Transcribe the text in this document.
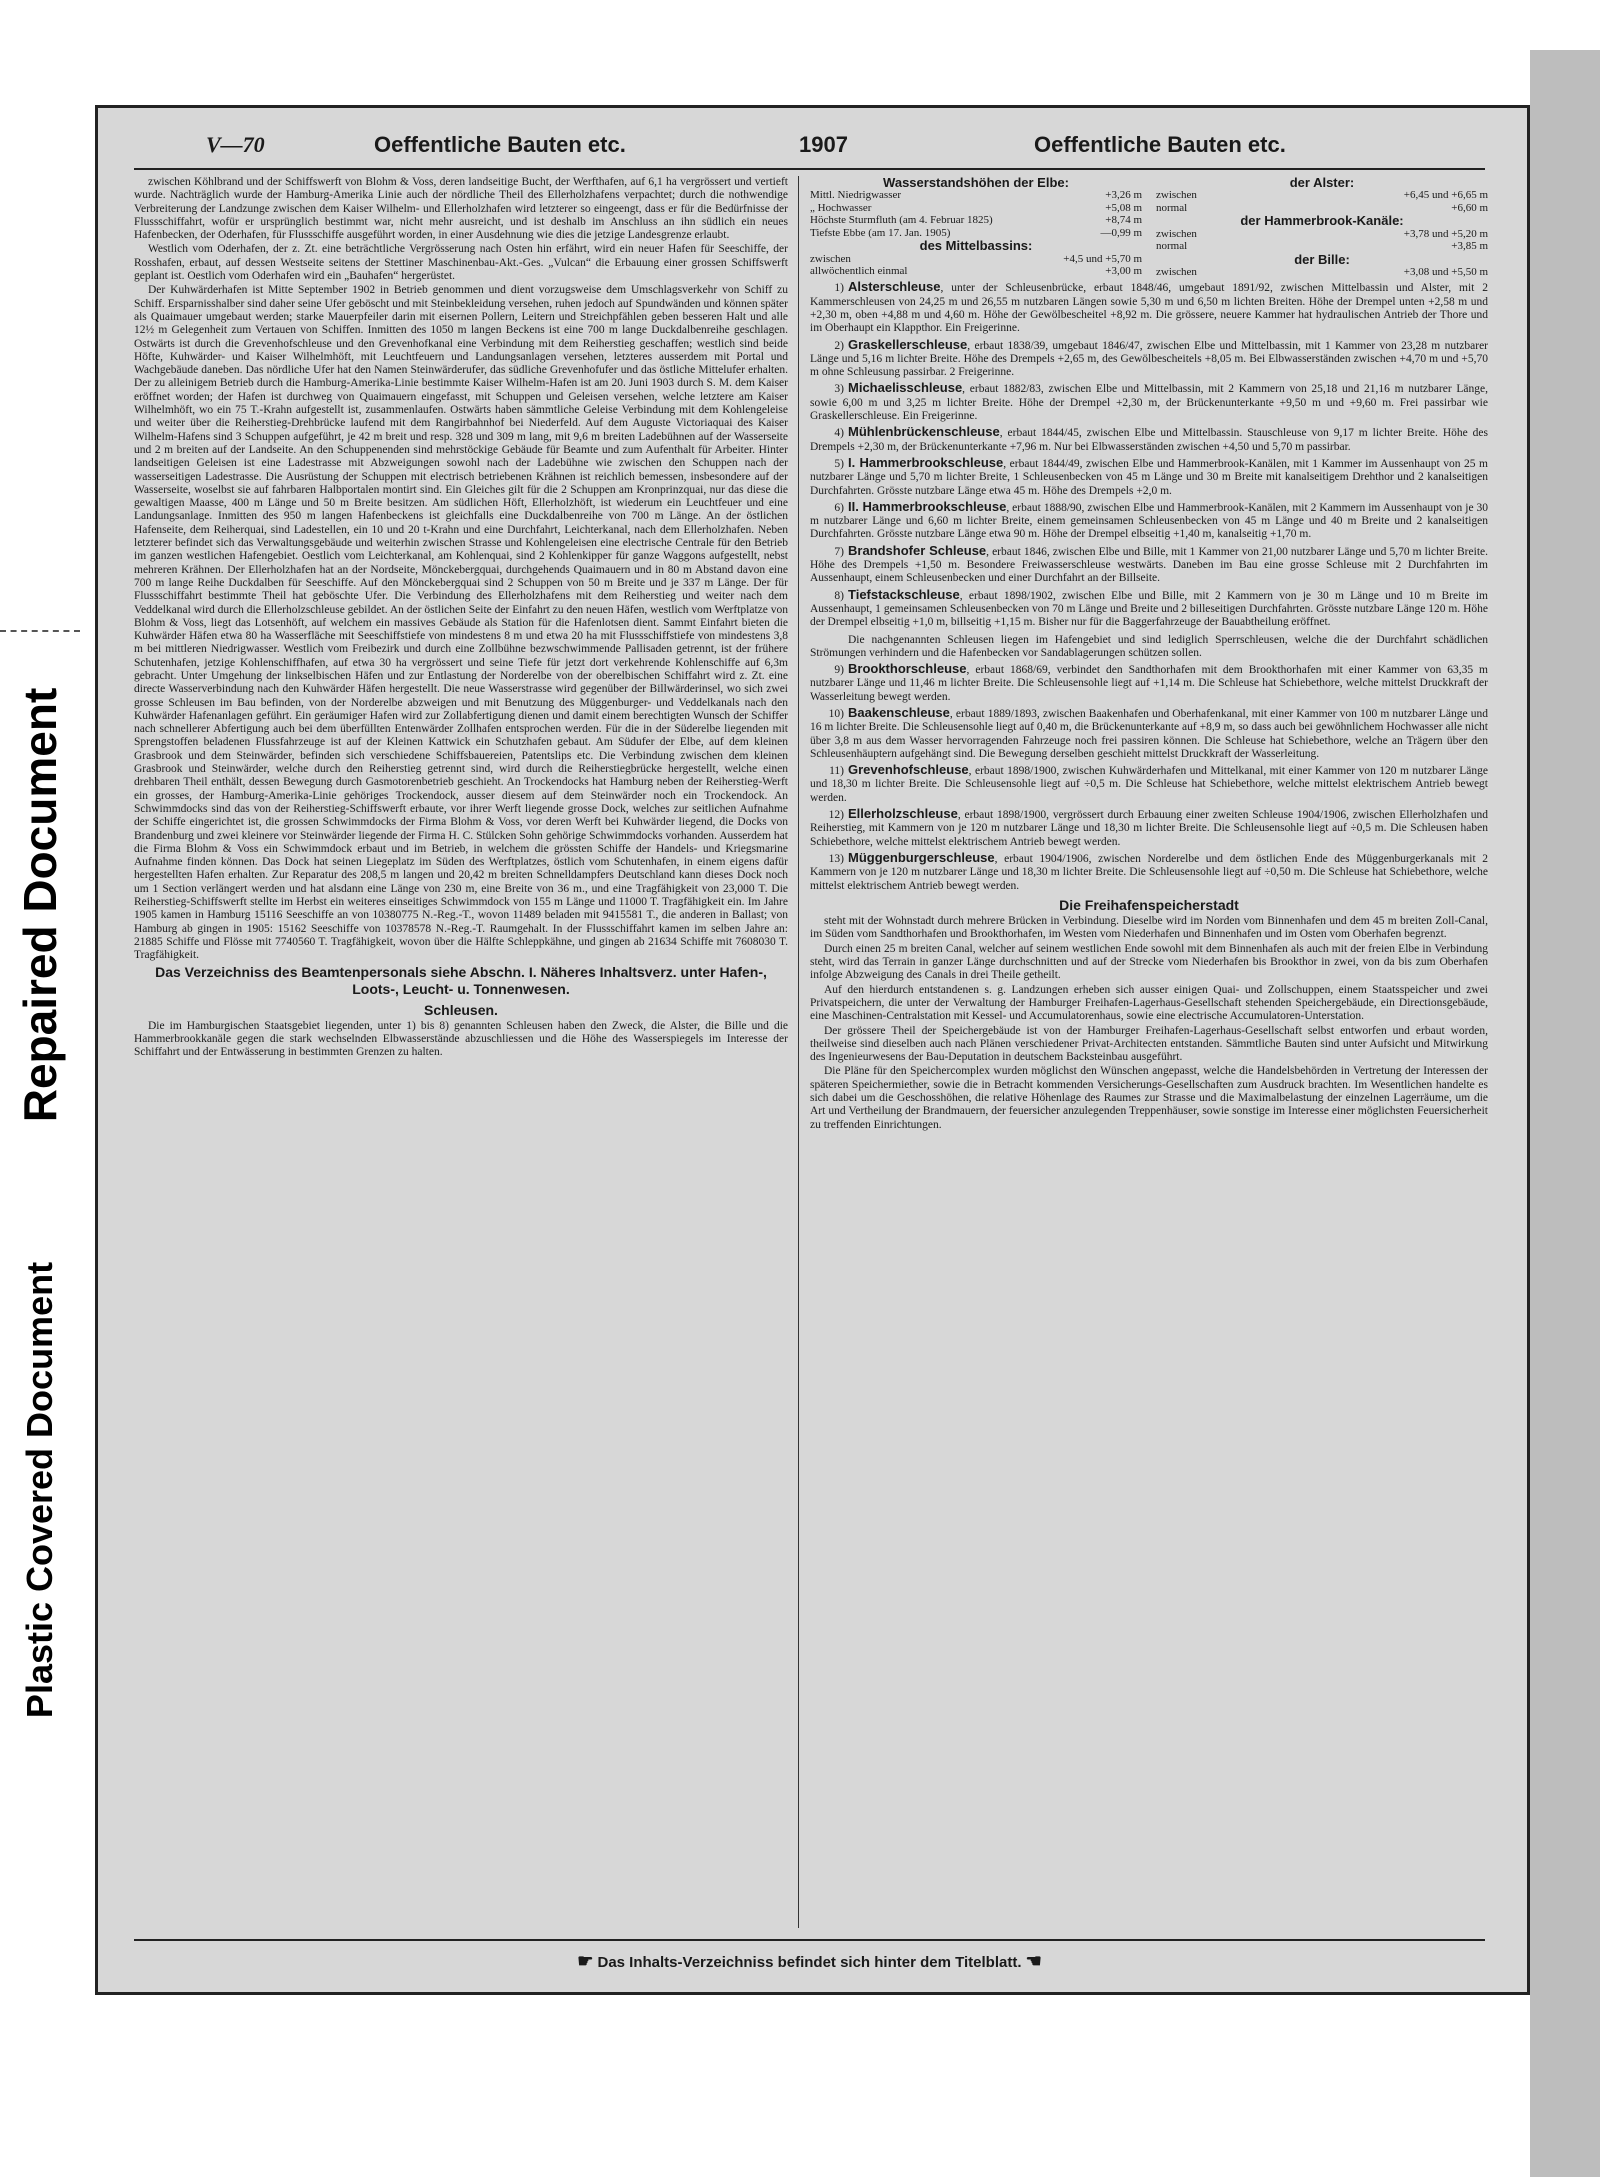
Repaired Document
Plastic Covered Document
V—70	Oeffentliche Bauten etc.	1907	Oeffentliche Bauten etc.

zwischen Köhlbrand und der Schiffswerft von Blohm & Voss, deren landseitige Bucht, der Werfthafen, auf 6,1 ha vergrössert und vertieft wurde. Nachträglich wurde der Hamburg-Amerika Linie auch der nördliche Theil des Ellerholzhafens verpachtet; durch die nothwendige Verbreiterung der Landzunge zwischen dem Kaiser Wilhelm- und Ellerholzhafen wird letzterer so eingeengt, dass er für die Bedürfnisse der Flussschiffahrt, wofür er ursprünglich bestimmt war, nicht mehr ausreicht, und ist deshalb im Anschluss an ihn südlich ein neues Hafenbecken, der Oderhafen, für Flussschiffe ausgeführt worden, in einer Ausdehnung wie dies die jetzige Landesgrenze erlaubt.

Westlich vom Oderhafen, der z. Zt. eine beträchtliche Vergrösserung nach Osten hin erfährt, wird ein neuer Hafen für Seeschiffe, der Rosshafen, erbaut, auf dessen Westseite seitens der Stettiner Maschinenbau-Akt.-Ges. „Vulcan“ die Erbauung einer grossen Schiffswerft geplant ist. Oestlich vom Oderhafen wird ein „Bauhafen“ hergerüstet.

Der Kuhwärderhafen ist Mitte September 1902 in Betrieb genommen und dient vorzugsweise dem Umschlagsverkehr von Schiff zu Schiff. Ersparnisshalber sind daher seine Ufer geböscht und mit Steinbekleidung versehen, ruhen jedoch auf Spundwänden und können später als Quaimauer umgebaut werden; starke Mauerpfeiler darin mit eisernen Pollern, Leitern und Streichpfählen geben besseren Halt und alle 12½ m Gelegenheit zum Vertauen von Schiffen. Inmitten des 1050 m langen Beckens ist eine 700 m lange Duckdalbenreihe geschlagen. Ostwärts ist durch die Grevenhofschleuse und den Grevenhofkanal eine Verbindung mit dem Reiherstieg geschaffen; westlich sind beide Höfte, Kuhwärder- und Kaiser Wilhelmhöft, mit Leuchtfeuern und Landungsanlagen versehen, letzteres ausserdem mit Portal und Wachgebäude daneben. Das nördliche Ufer hat den Namen Steinwärderufer, das südliche Grevenhofufer und das östliche Mittelufer erhalten. Der zu alleinigem Betrieb durch die Hamburg-Amerika-Linie bestimmte Kaiser Wilhelm-Hafen ist am 20. Juni 1903 durch S. M. dem Kaiser eröffnet worden; der Hafen ist durchweg von Quaimauern eingefasst, mit Schuppen und Geleisen versehen, welche letztere am Kaiser Wilhelmhöft, wo ein 75 T.-Krahn aufgestellt ist, zusammenlaufen. Ostwärts haben sämmtliche Geleise Verbindung mit dem Kohlengeleise und weiter über die Reiherstieg-Drehbrücke laufend mit dem Rangirbahnhof bei Niederfeld. Auf dem Auguste Victoriaquai des Kaiser Wilhelm-Hafens sind 3 Schuppen aufgeführt, je 42 m breit und resp. 328 und 309 m lang, mit 9,6 m breiten Ladebühnen auf der Wasserseite und 2 m breiten auf der Landseite. An den Schuppenenden sind mehrstöckige Gebäude für Beamte und zum Aufenthalt für Arbeiter. Hinter landseitigen Geleisen ist eine Ladestrasse mit Abzweigungen sowohl nach der Ladebühne wie zwischen den Schuppen nach der wasserseitigen Ladestrasse. Die Ausrüstung der Schuppen mit electrisch betriebenen Krähnen ist reichlich bemessen, insbesondere auf der Wasserseite, woselbst sie auf fahrbaren Halbportalen montirt sind. Ein Gleiches gilt für die 2 Schuppen am Kronprinzquai, nur das diese die gewaltigen Maasse, 400 m Länge und 50 m Breite besitzen. Am südlichen Höft, Ellerholzhöft, ist wiederum ein Leuchtfeuer und eine Landungsanlage. Inmitten des 950 m langen Hafenbeckens ist gleichfalls eine Duckdalbenreihe von 700 m Länge. An der östlichen Hafenseite, dem Reiherquai, sind Ladestellen, ein 10 und 20 t-Krahn und eine Durchfahrt, Leichterkanal, nach dem Ellerholzhafen. Neben letzterer befindet sich das Verwaltungsgebäude und weiterhin zwischen Strasse und Kohlengeleisen eine electrische Centrale für den Betrieb im ganzen westlichen Hafengebiet. Oestlich vom Leichterkanal, am Kohlenquai, sind 2 Kohlenkipper für ganze Waggons aufgestellt, nebst mehreren Krähnen. Der Ellerholzhafen hat an der Nordseite, Mönckebergquai, durchgehends Quaimauern und in 80 m Abstand davon eine 700 m lange Reihe Duckdalben für Seeschiffe. Auf den Mönckebergquai sind 2 Schuppen von 50 m Breite und je 337 m Länge. Der für Flussschiffahrt bestimmte Theil hat geböschte Ufer. Die Verbindung des Ellerholzhafens mit dem Reiherstieg und weiter nach dem Veddelkanal wird durch die Ellerholzschleuse gebildet. An der östlichen Seite der Einfahrt zu den neuen Häfen, westlich vom Werftplatze von Blohm & Voss, liegt das Lotsenhöft, auf welchem ein massives Gebäude als Station für die Hafenlotsen dient. Sammt Einfahrt bieten die Kuhwärder Häfen etwa 80 ha Wasserfläche mit Seeschiffstiefe von mindestens 8 m und etwa 20 ha mit Flussschiffstiefe von mindestens 3,8 m bei mittleren Niedrigwasser. Westlich vom Freibezirk und durch eine Zollbühne bezwschwimmende Pallisaden getrennt, ist der frühere Schutenhafen, jetzige Kohlenschiffhafen, auf etwa 30 ha vergrössert und seine Tiefe für jetzt dort verkehrende Kohlenschiffe auf 6,3m gebracht. Unter Umgehung der linkselbischen Häfen und zur Entlastung der Norderelbe von der oberelbischen Schiffahrt wird z. Zt. eine directe Wasserverbindung nach den Kuhwärder Häfen hergestellt. Die neue Wasserstrasse wird gegenüber der Billwärderinsel, wo sich zwei grosse Schleusen im Bau befinden, von der Norderelbe abzweigen und mit Benutzung des Müggenburger- und Veddelkanals nach den Kuhwärder Hafenanlagen geführt. Ein geräumiger Hafen wird zur Zollabfertigung dienen und damit einem berechtigten Wunsch der Schiffer nach schnellerer Abfertigung auch bei dem überfüllten Entenwärder Zollhafen entsprochen werden. Für die in der Süderelbe liegenden mit Sprengstoffen beladenen Flussfahrzeuge ist auf der Kleinen Kattwick ein Schutzhafen gebaut. Am Südufer der Elbe, auf dem kleinen Grasbrook und dem Steinwärder, befinden sich verschiedene Schiffsbauereien, Patentslips etc. Die Verbindung zwischen dem kleinen Grasbrook und Steinwärder, welche durch den Reiherstieg getrennt sind, wird durch die Reiherstiegbrücke hergestellt, welche einen drehbaren Theil enthält, dessen Bewegung durch Gasmotorenbetrieb geschieht. An Trockendocks hat Hamburg neben der Reiherstieg-Werft ein grosses, der Hamburg-Amerika-Linie gehöriges Trockendock, ausser diesem auf dem Steinwärder noch ein Trockendock. An Schwimmdocks sind das von der Reiherstieg-Schiffswerft erbaute, vor ihrer Werft liegende grosse Dock, welches zur seitlichen Aufnahme der Schiffe eingerichtet ist, die grossen Schwimmdocks der Firma Blohm & Voss, vor deren Werft bei Kuhwärder liegend, die Docks von Brandenburg und zwei kleinere vor Steinwärder liegende der Firma H. C. Stülcken Sohn gehörige Schwimmdocks vorhanden. Ausserdem hat die Firma Blohm & Voss ein Schwimmdock erbaut und im Betrieb, in welchem die grössten Schiffe der Handels- und Kriegsmarine Aufnahme finden können. Das Dock hat seinen Liegeplatz im Süden des Werftplatzes, östlich vom Schutenhafen, in einem eigens dafür hergestellten Hafen erhalten. Zur Reparatur des 208,5 m langen und 20,42 m breiten Schnelldampfers Deutschland kann dieses Dock noch um 1 Section verlängert werden und hat alsdann eine Länge von 230 m, eine Breite von 36 m., und eine Tragfähigkeit von 23,000 T. Die Reiherstieg-Schiffswerft stellte im Herbst ein weiteres einseitiges Schwimmdock von 155 m Länge und 11000 T. Tragfähigkeit ein. Im Jahre 1905 kamen in Hamburg 15116 Seeschiffe an von 10380775 N.-Reg.-T., wovon 11489 beladen mit 9415581 T., die anderen in Ballast; von Hamburg ab gingen in 1905: 15162 Seeschiffe von 10378578 N.-Reg.-T. Raumgehalt. In der Flussschiffahrt kamen im selben Jahre an: 21885 Schiffe und Flösse mit 7740560 T. Tragfähigkeit, wovon über die Hälfte Schleppkähne, und gingen ab 21634 Schiffe mit 7608030 T. Tragfähigkeit.

Das Verzeichniss des Beamtenpersonals siehe Abschn. I. Näheres Inhaltsverz. unter Hafen-, Loots-, Leucht- u. Tonnenwesen.

Schleusen.

Die im Hamburgischen Staatsgebiet liegenden, unter 1) bis 8) genannten Schleusen haben den Zweck, die Alster, die Bille und die Hammerbrookkanäle gegen die stark wechselnden Elbwasserstände abzuschliessen und die Höhe des Wasserspiegels im Interesse der Schiffahrt und der Entwässerung in bestimmten Grenzen zu halten.

Wasserstandshöhen der Elbe:
Mittl. Niedrigwasser	+3,26 m
„ Hochwasser	+5,08 m
Höchste Sturmfluth (am 4. Februar 1825)	+8,74 m
Tiefste Ebbe (am 17. Jan. 1905)	—0,99 m
des Mittelbassins:
zwischen	+4,5 und +5,70 m
allwöchentlich einmal	+3,00 m
der Alster:
zwischen	+6,45 und +6,65 m
normal	+6,60 m
der Hammerbrook-Kanäle:
zwischen	+3,78 und +5,20 m
normal	+3,85 m
der Bille:
zwischen	+3,08 und +5,50 m
1) Alsterschleuse, unter der Schleusenbrücke, erbaut 1848/46, umgebaut 1891/92, zwischen Mittelbassin und Alster, mit 2 Kammerschleusen von 24,25 m und 26,55 m nutzbaren Längen sowie 5,30 m und 6,50 m lichten Breiten. Höhe der Drempel unten +2,58 m und +2,30 m, oben +4,88 m und 4,60 m. Höhe der Gewölbescheitel +8,92 m. Die grössere, neuere Kammer hat hydraulischen Antrieb der Thore und im Oberhaupt ein Klappthor. Ein Freigerinne.
2) Graskellerschleuse, erbaut 1838/39, umgebaut 1846/47, zwischen Elbe und Mittelbassin, mit 1 Kammer von 23,28 m nutzbarer Länge und 5,16 m lichter Breite. Höhe des Drempels +2,65 m, des Gewölbescheitels +8,05 m. Bei Elbwasserständen zwischen +4,70 m und +5,70 m ohne Schleusung passirbar. 2 Freigerinne.
3) Michaelisschleuse, erbaut 1882/83, zwischen Elbe und Mittelbassin, mit 2 Kammern von 25,18 und 21,16 m nutzbarer Länge, sowie 6,00 m und 3,25 m lichter Breite. Höhe der Drempel +2,30 m, der Brückenunterkante +9,50 m und +9,60 m. Frei passirbar wie Graskellerschleuse. Ein Freigerinne.
4) Mühlenbrückenschleuse, erbaut 1844/45, zwischen Elbe und Mittelbassin. Stauschleuse von 9,17 m lichter Breite. Höhe des Drempels +2,30 m, der Brückenunterkante +7,96 m. Nur bei Elbwasserständen zwischen +4,50 und 5,70 m passirbar.
5) I. Hammerbrookschleuse, erbaut 1844/49, zwischen Elbe und Hammerbrook-Kanälen, mit 1 Kammer im Aussenhaupt von 25 m nutzbarer Länge und 5,70 m lichter Breite, 1 Schleusenbecken von 45 m Länge und 30 m Breite mit kanalseitigem Drehthor und 2 kanalseitigen Durchfahrten. Grösste nutzbare Länge etwa 45 m. Höhe des Drempels +2,0 m.
6) II. Hammerbrookschleuse, erbaut 1888/90, zwischen Elbe und Hammerbrook-Kanälen, mit 2 Kammern im Aussenhaupt von je 30 m nutzbarer Länge und 6,60 m lichter Breite, einem gemeinsamen Schleusenbecken von 45 m Länge und 40 m Breite und 2 kanalseitigen Durchfahrten. Grösste nutzbare Länge etwa 90 m. Höhe der Drempel elbseitig +1,40 m, kanalseitig +1,70 m.
7) Brandshofer Schleuse, erbaut 1846, zwischen Elbe und Bille, mit 1 Kammer von 21,00 nutzbarer Länge und 5,70 m lichter Breite. Höhe des Drempels +1,50 m. Besondere Freiwasserschleuse westwärts. Daneben im Bau eine grosse Schleuse mit 2 Durchfahrten im Aussenhaupt, einem Schleusenbecken und einer Durchfahrt an der Billseite.
8) Tiefstackschleuse, erbaut 1898/1902, zwischen Elbe und Bille, mit 2 Kammern von je 30 m Länge und 10 m Breite im Aussenhaupt, 1 gemeinsamen Schleusenbecken von 70 m Länge und Breite und 2 billeseitigen Durchfahrten. Grösste nutzbare Länge 120 m. Höhe der Drempel elbseitig +1,0 m, billseitig +1,15 m. Bisher nur für die Baggerfahrzeuge der Bauabtheilung eröffnet.
Die nachgenannten Schleusen liegen im Hafengebiet und sind lediglich Sperrschleusen, welche die der Durchfahrt schädlichen Strömungen verhindern und die Hafenbecken vor Sandablagerungen schützen sollen.
9) Brookthorschleuse, erbaut 1868/69, verbindet den Sandthorhafen mit dem Brookthorhafen mit einer Kammer von 63,35 m nutzbarer Länge und 11,46 m lichter Breite. Die Schleusensohle liegt auf +1,14 m. Die Schleuse hat Schiebethore, welche mittelst Druckkraft der Wasserleitung bewegt werden.
10) Baakenschleuse, erbaut 1889/1893, zwischen Baakenhafen und Oberhafenkanal, mit einer Kammer von 100 m nutzbarer Länge und 16 m lichter Breite. Die Schleusensohle liegt auf 0,40 m, die Brückenunterkante auf +8,9 m, so dass auch bei gewöhnlichem Hochwasser alle nicht über 3,8 m aus dem Wasser hervorragenden Fahrzeuge noch frei passiren können. Die Schleuse hat Schiebethore, welche an Trägern über den Schleusenhäuptern aufgehängt sind. Die Bewegung derselben geschieht mittelst Druckkraft der Wasserleitung.
11) Grevenhofschleuse, erbaut 1898/1900, zwischen Kuhwärderhafen und Mittelkanal, mit einer Kammer von 120 m nutzbarer Länge und 18,30 m lichter Breite. Die Schleusensohle liegt auf ÷0,5 m. Die Schleuse hat Schiebethore, welche mittelst elektrischem Antrieb bewegt werden.
12) Ellerholzschleuse, erbaut 1898/1900, vergrössert durch Erbauung einer zweiten Schleuse 1904/1906, zwischen Ellerholzhafen und Reiherstieg, mit Kammern von je 120 m nutzbarer Länge und 18,30 m lichter Breite. Die Schleusensohle liegt auf ÷0,5 m. Die Schleusen haben Schiebethore, welche mittelst elektrischem Antrieb bewegt werden.
13) Müggenburgerschleuse, erbaut 1904/1906, zwischen Norderelbe und dem östlichen Ende des Müggenburgerkanals mit 2 Kammern von je 120 m nutzbarer Länge und 18,30 m lichter Breite. Die Schleusensohle liegt auf ÷0,50 m. Die Schleuse hat Schiebethore, welche mittelst elektrischem Antrieb bewegt werden.
Die Freihafenspeicherstadt

steht mit der Wohnstadt durch mehrere Brücken in Verbindung. Dieselbe wird im Norden vom Binnenhafen und dem 45 m breiten Zoll-Canal, im Süden vom Sandthorhafen und Brookthorhafen, im Westen vom Niederhafen und Binnenhafen und im Osten vom Oberhafen begrenzt.

Durch einen 25 m breiten Canal, welcher auf seinem westlichen Ende sowohl mit dem Binnenhafen als auch mit der freien Elbe in Verbindung steht, wird das Terrain in ganzer Länge durchschnitten und auf der Strecke vom Niederhafen bis Brookthor in zwei, von da bis zum Oberhafen infolge Abzweigung des Canals in drei Theile getheilt.

Auf den hierdurch entstandenen s. g. Landzungen erheben sich ausser einigen Quai- und Zollschuppen, einem Staatsspeicher und zwei Privatspeichern, die unter der Verwaltung der Hamburger Freihafen-Lagerhaus-Gesellschaft stehenden Speichergebäude, ein Directionsgebäude, eine Maschinen-Centralstation mit Kessel- und Accumulatorenhaus, sowie eine electrische Accumulatoren-Unterstation.

Der grössere Theil der Speichergebäude ist von der Hamburger Freihafen-Lagerhaus-Gesellschaft selbst entworfen und erbaut worden, theilweise sind dieselben auch nach Plänen verschiedener Privat-Architecten entstanden. Sämmtliche Bauten sind unter Aufsicht und Mitwirkung des Ingenieurwesens der Bau-Deputation in deutschem Backsteinbau ausgeführt.

Die Pläne für den Speichercomplex wurden möglichst den Wünschen angepasst, welche die Handelsbehörden in Vertretung der Interessen der späteren Speichermiether, sowie die in Betracht kommenden Versicherungs-Gesellschaften zum Ausdruck brachten. Im Wesentlichen handelte es sich dabei um die Geschosshöhen, die relative Höhenlage des Raumes zur Strasse und die Maximalbelastung der einzelnen Lagerräume, um die Art und Vertheilung der Brandmauern, der feuersicher anzulegenden Treppenhäuser, sowie sonstige im Interesse einer möglichsten Feuersicherheit zu treffenden Einrichtungen.

☛ Das Inhalts-Verzeichniss befindet sich hinter dem Titelblatt. ☚
